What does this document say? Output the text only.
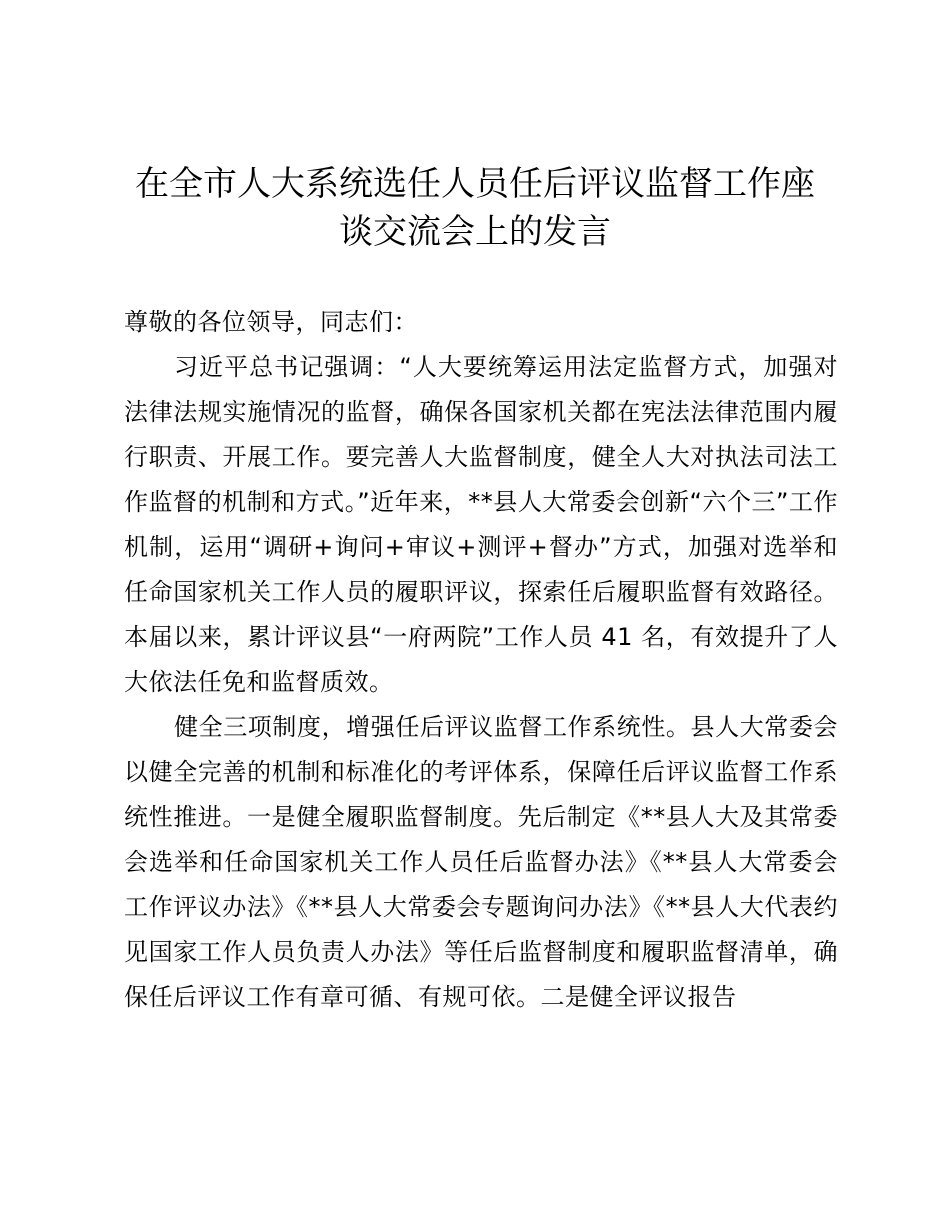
在全市人大系统选任人员任后评议监督工作座
谈交流会上的发言

尊敬的各位领导，同志们：

习近平总书记强调：“人大要统筹运用法定监督方式，加强对法律法规实施情况的监督，确保各国家机关都在宪法法律范围内履行职责、开展工作。要完善人大监督制度，健全人大对执法司法工作监督的机制和方式。”近年来，**县人大常委会创新“六个三”工作机制，运用“调研+询问+审议+测评+督办”方式，加强对选举和任命国家机关工作人员的履职评议，探索任后履职监督有效路径。本届以来，累计评议县“一府两院”工作人员 41 名，有效提升了人大依法任免和监督质效。

健全三项制度，增强任后评议监督工作系统性。县人大常委会以健全完善的机制和标准化的考评体系，保障任后评议监督工作系统性推进。一是健全履职监督制度。先后制定《**县人大及其常委会选举和任命国家机关工作人员任后监督办法》《**县人大常委会工作评议办法》《**县人大常委会专题询问办法》《**县人大代表约见国家工作人员负责人办法》等任后监督制度和履职监督清单，确保任后评议工作有章可循、有规可依。二是健全评议报告
